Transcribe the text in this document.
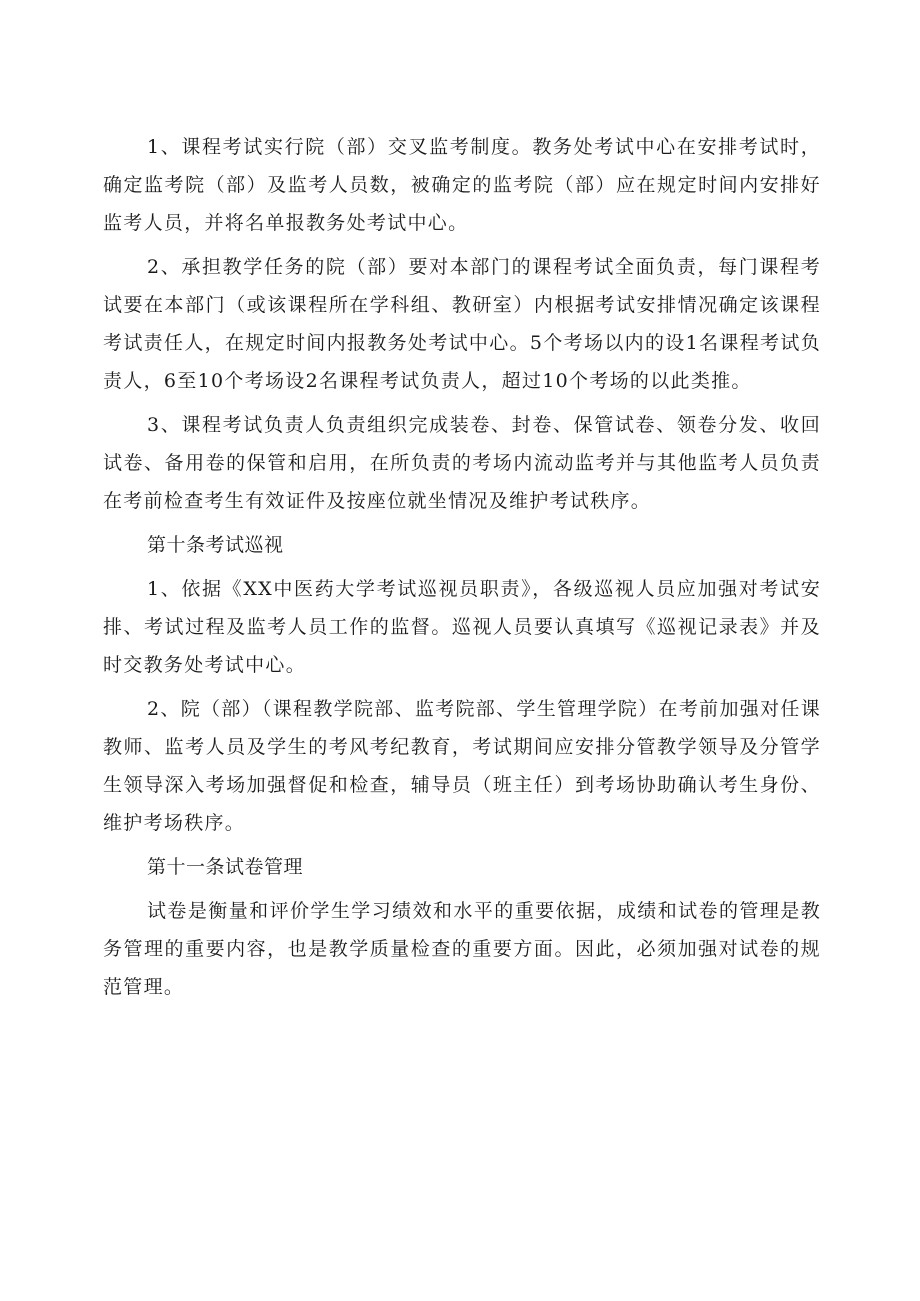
1、课程考试实行院（部）交叉监考制度。教务处考试中心在安排考试时，确定监考院（部）及监考人员数，被确定的监考院（部）应在规定时间内安排好监考人员，并将名单报教务处考试中心。

2、承担教学任务的院（部）要对本部门的课程考试全面负责，每门课程考试要在本部门（或该课程所在学科组、教研室）内根据考试安排情况确定该课程考试责任人，在规定时间内报教务处考试中心。5个考场以内的设1名课程考试负责人，6至10个考场设2名课程考试负责人，超过10个考场的以此类推。

3、课程考试负责人负责组织完成装卷、封卷、保管试卷、领卷分发、收回试卷、备用卷的保管和启用，在所负责的考场内流动监考并与其他监考人员负责在考前检查考生有效证件及按座位就坐情况及维护考试秩序。

第十条考试巡视

1、依据《XX中医药大学考试巡视员职责》，各级巡视人员应加强对考试安排、考试过程及监考人员工作的监督。巡视人员要认真填写《巡视记录表》并及时交教务处考试中心。

2、院（部）（课程教学院部、监考院部、学生管理学院）在考前加强对任课教师、监考人员及学生的考风考纪教育，考试期间应安排分管教学领导及分管学生领导深入考场加强督促和检查，辅导员（班主任）到考场协助确认考生身份、维护考场秩序。

第十一条试卷管理

试卷是衡量和评价学生学习绩效和水平的重要依据，成绩和试卷的管理是教务管理的重要内容，也是教学质量检查的重要方面。因此，必须加强对试卷的规范管理。
